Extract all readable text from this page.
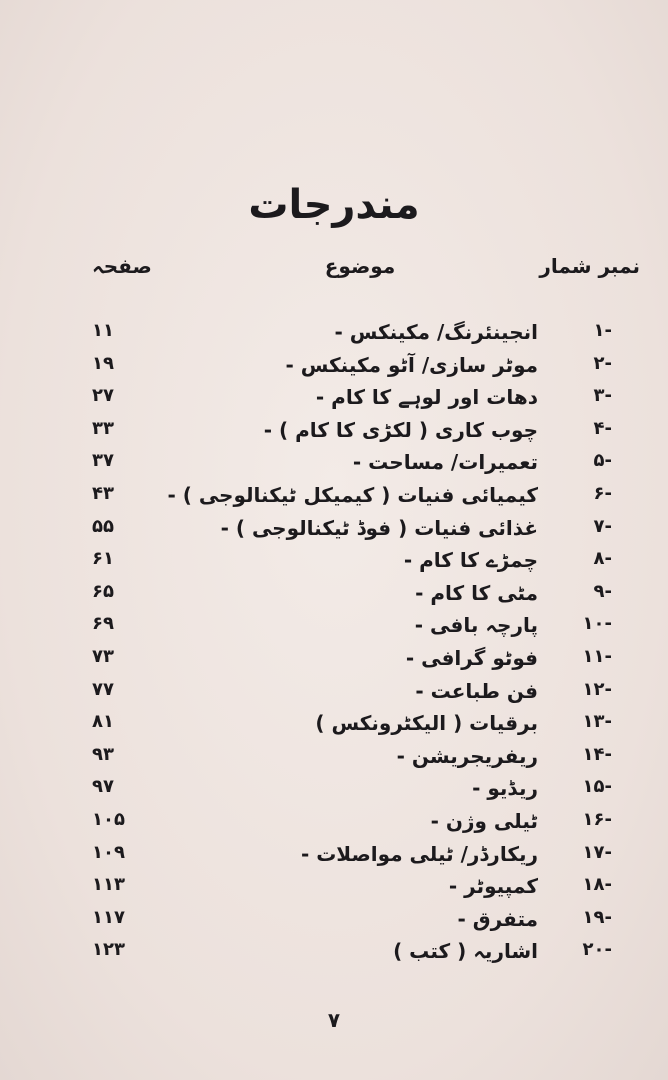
مندرجات
نمبر شمار
موضوع
صفحہ
-۱
انجینئرنگ/ مکینکس -
۱۱
-۲
موٹر سازی/ آٹو مکینکس -
۱۹
-۳
دھات اور لوہے کا کام -
۲۷
-۴
چوب کاری ( لکڑی کا کام ) -
۳۳
-۵
تعمیرات/ مساحت -
۳۷
-۶
کیمیائی فنیات ( کیمیکل ٹیکنالوجی ) -
۴۳
-۷
غذائی فنیات ( فوڈ ٹیکنالوجی ) -
۵۵
-۸
چمڑے کا کام -
۶۱
-۹
مٹی کا کام -
۶۵
-۱۰
پارچہ بافی -
۶۹
-۱۱
فوٹو گرافی -
۷۳
-۱۲
فن طباعت -
۷۷
-۱۳
برقیات ( الیکٹرونکس )
۸۱
-۱۴
ریفریجریشن -
۹۳
-۱۵
ریڈیو -
۹۷
-۱۶
ٹیلی وژن -
۱۰۵
-۱۷
ریکارڈر/ ٹیلی مواصلات -
۱۰۹
-۱۸
کمپیوٹر -
۱۱۳
-۱۹
متفرق -
۱۱۷
-۲۰
اشاریہ ( کتب )
۱۲۳
۷
